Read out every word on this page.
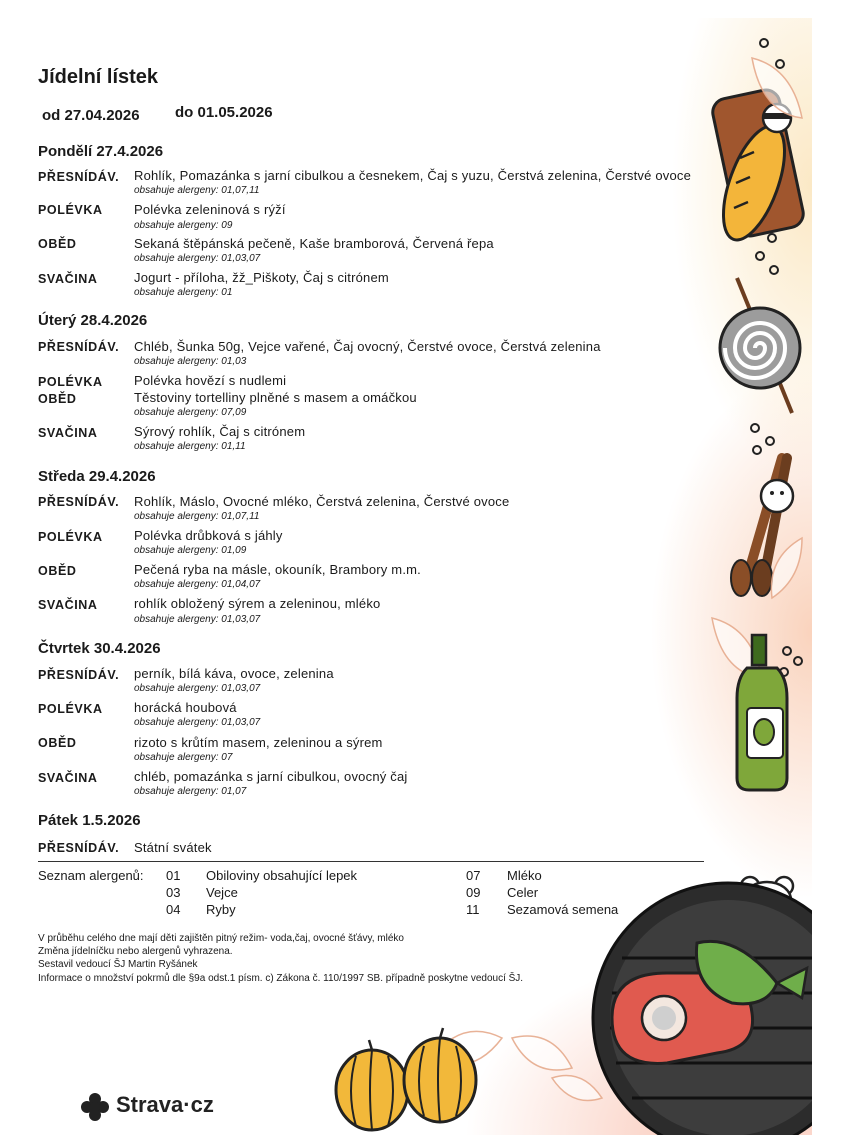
Jídelní lístek
od 27.04.2026 do 01.05.2026
Pondělí 27.4.2026
PŘESNÍDÁV. Rohlík, Pomazánka s jarní cibulkou a česnekem, Čaj s yuzu, Čerstvá zelenina, Čerstvé ovoce
obsahuje alergeny: 01,07,11
POLÉVKA Polévka zeleninová s rýží
obsahuje alergeny: 09
OBĚD	Sekaná štěpánská pečeně, Kaše bramborová, Červená řepa
obsahuje alergeny: 01,03,07
SVAČINA	Jogurt - příloha, žž_Piškoty, Čaj s citrónem
obsahuje alergeny: 01
Úterý 28.4.2026
PŘESNÍDÁV. Chléb, Šunka 50g, Vejce vařené, Čaj ovocný, Čerstvé ovoce, Čerstvá zelenina
obsahuje alergeny: 01,03
POLÉVKA Polévka hovězí s nudlemi
OBĚD	Těstoviny tortelliny plněné s masem a omáčkou
obsahuje alergeny: 07,09
SVAČINA	Sýrový rohlík, Čaj s citrónem
obsahuje alergeny: 01,11
Středa 29.4.2026
PŘESNÍDÁV. Rohlík, Máslo, Ovocné mléko, Čerstvá zelenina, Čerstvé ovoce
obsahuje alergeny: 01,07,11
POLÉVKA Polévka drůbková s jáhly
obsahuje alergeny: 01,09
OBĚD	Pečená ryba na másle, okouník, Brambory m.m.
obsahuje alergeny: 01,04,07
SVAČINA	rohlík obložený sýrem a zeleninou, mléko
obsahuje alergeny: 01,03,07
Čtvrtek 30.4.2026
PŘESNÍDÁV. perník, bílá káva, ovoce, zelenina
obsahuje alergeny: 01,03,07
POLÉVKA horácká houbová
obsahuje alergeny: 01,03,07
OBĚD	rizoto s krůtím masem, zeleninou a sýrem
obsahuje alergeny: 07
SVAČINA	chléb, pomazánka s jarní cibulkou, ovocný čaj
obsahuje alergeny: 01,07
Pátek 1.5.2026
PŘESNÍDÁV. Státní svátek
Seznam alergenů: 01 Obiloviny obsahující lepek
03 Vejce
04 Ryby
07 Mléko
09 Celer
11 Sezamová semena
V průběhu celého dne mají děti zajištěn pitný režim- voda,čaj, ovocné šťávy, mléko
Změna jídelníčku nebo alergenů vyhrazena.
Sestavil vedoucí ŠJ Martin Ryšánek
Informace o množství pokrmů dle §9a odst.1 písm. c) Zákona č. 110/1997 SB. případně poskytne vedoucí ŠJ.
Strava·cz
